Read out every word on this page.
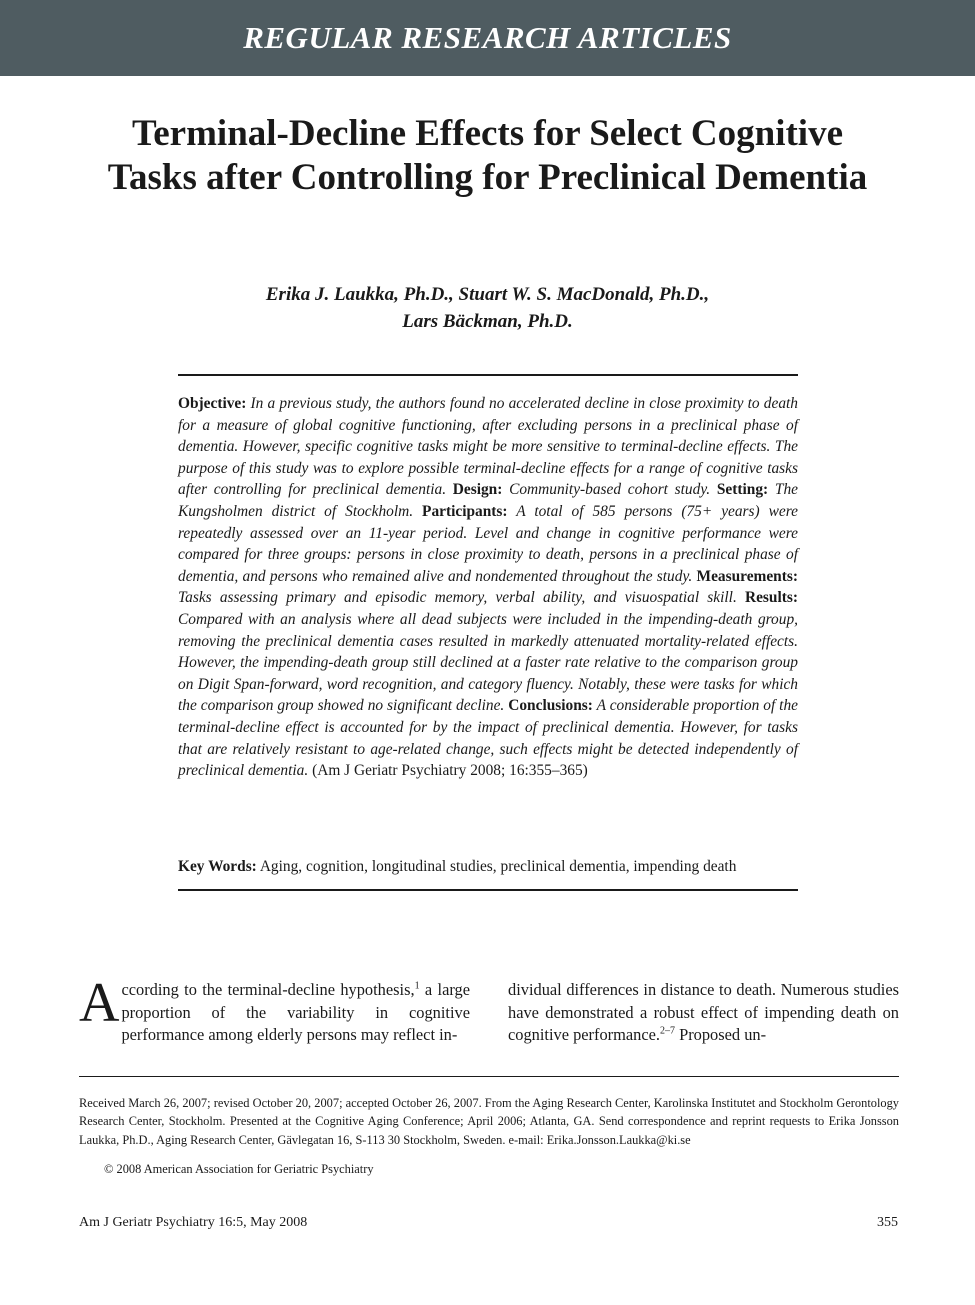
REGULAR RESEARCH ARTICLES
Terminal-Decline Effects for Select Cognitive Tasks after Controlling for Preclinical Dementia
Erika J. Laukka, Ph.D., Stuart W. S. MacDonald, Ph.D.,
Lars Bäckman, Ph.D.

Objective: In a previous study, the authors found no accelerated decline in close proximity to death for a measure of global cognitive functioning, after excluding persons in a preclinical phase of dementia. However, specific cognitive tasks might be more sensitive to terminal-decline effects. The purpose of this study was to explore possible terminal-decline effects for a range of cognitive tasks after controlling for preclinical dementia. Design: Community-based cohort study. Setting: The Kungsholmen district of Stockholm. Participants: A total of 585 persons (75+ years) were repeatedly assessed over an 11-year period. Level and change in cognitive performance were compared for three groups: persons in close proximity to death, persons in a preclinical phase of dementia, and persons who remained alive and nondemented throughout the study. Measurements: Tasks assessing primary and episodic memory, verbal ability, and visuospatial skill. Results: Compared with an analysis where all dead subjects were included in the impending-death group, removing the preclinical dementia cases resulted in markedly attenuated mortality-related effects. However, the impending-death group still declined at a faster rate relative to the comparison group on Digit Span-forward, word recognition, and category fluency. Notably, these were tasks for which the comparison group showed no significant decline. Conclusions: A considerable proportion of the terminal-decline effect is accounted for by the impact of preclinical dementia. However, for tasks that are relatively resistant to age-related change, such effects might be detected independently of preclinical dementia. (Am J Geriatr Psychiatry 2008; 16:355–365)

Key Words: Aging, cognition, longitudinal studies, preclinical dementia, impending death

According to the terminal-decline hypothesis,$^1$ a large proportion of the variability in cognitive performance among elderly persons may reflect in-

dividual differences in distance to death. Numerous studies have demonstrated a robust effect of impending death on cognitive performance.$^{2-7}$ Proposed un-

Received March 26, 2007; revised October 20, 2007; accepted October 26, 2007. From the Aging Research Center, Karolinska Institutet and Stockholm Gerontology Research Center, Stockholm. Presented at the Cognitive Aging Conference; April 2006; Atlanta, GA. Send correspondence and reprint requests to Erika Jonsson Laukka, Ph.D., Aging Research Center, Gävlegatan 16, S-113 30 Stockholm, Sweden. e-mail: Erika.Jonsson.Laukka@ki.se

© 2008 American Association for Geriatric Psychiatry

Am J Geriatr Psychiatry 16:5, May 2008	355
